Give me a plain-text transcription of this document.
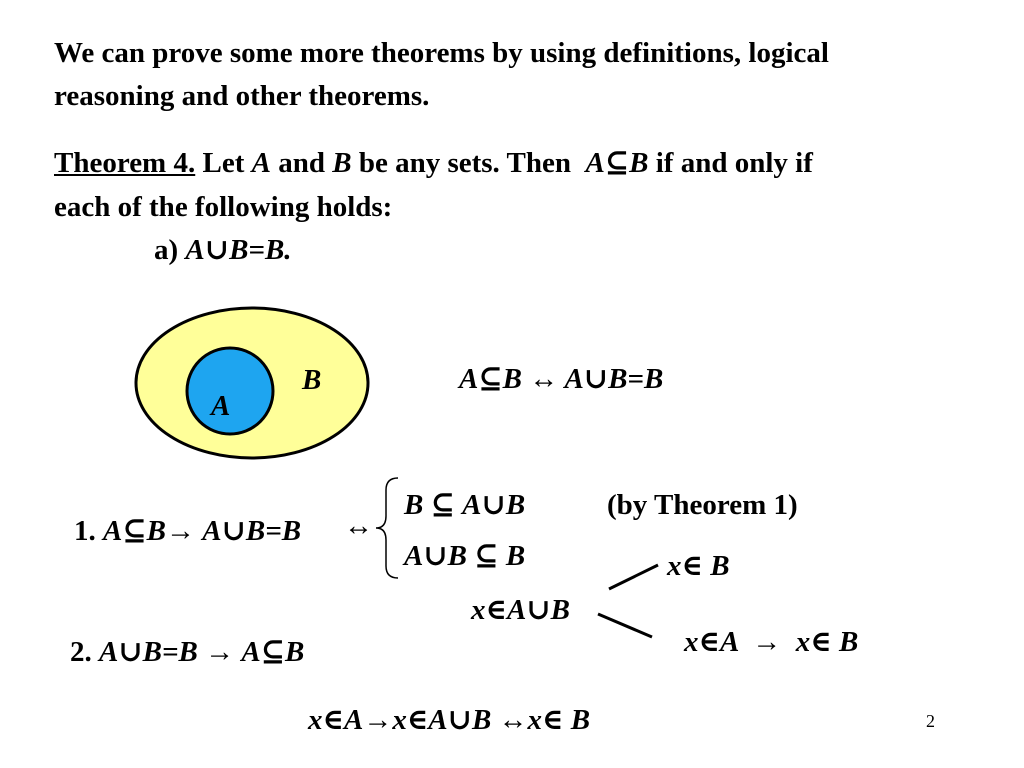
We can prove some more theorems by using definitions, logical
reasoning and other theorems.
Theorem 4. Let A and B be any sets. Then A⊆B if and only if
each of the following holds:
a) A∪B=B.
B
A
A⊆B ↔ A∪B=B
1. A⊆B→ A∪B=B ↔
B ⊆ A∪B	(by Theorem 1)
A∪B ⊆ B	x∈ B
x∈A∪B
x∈A → x∈ B
2. A∪B=B → A⊆B
x∈A→x∈A∪B ↔x∈ B	2
